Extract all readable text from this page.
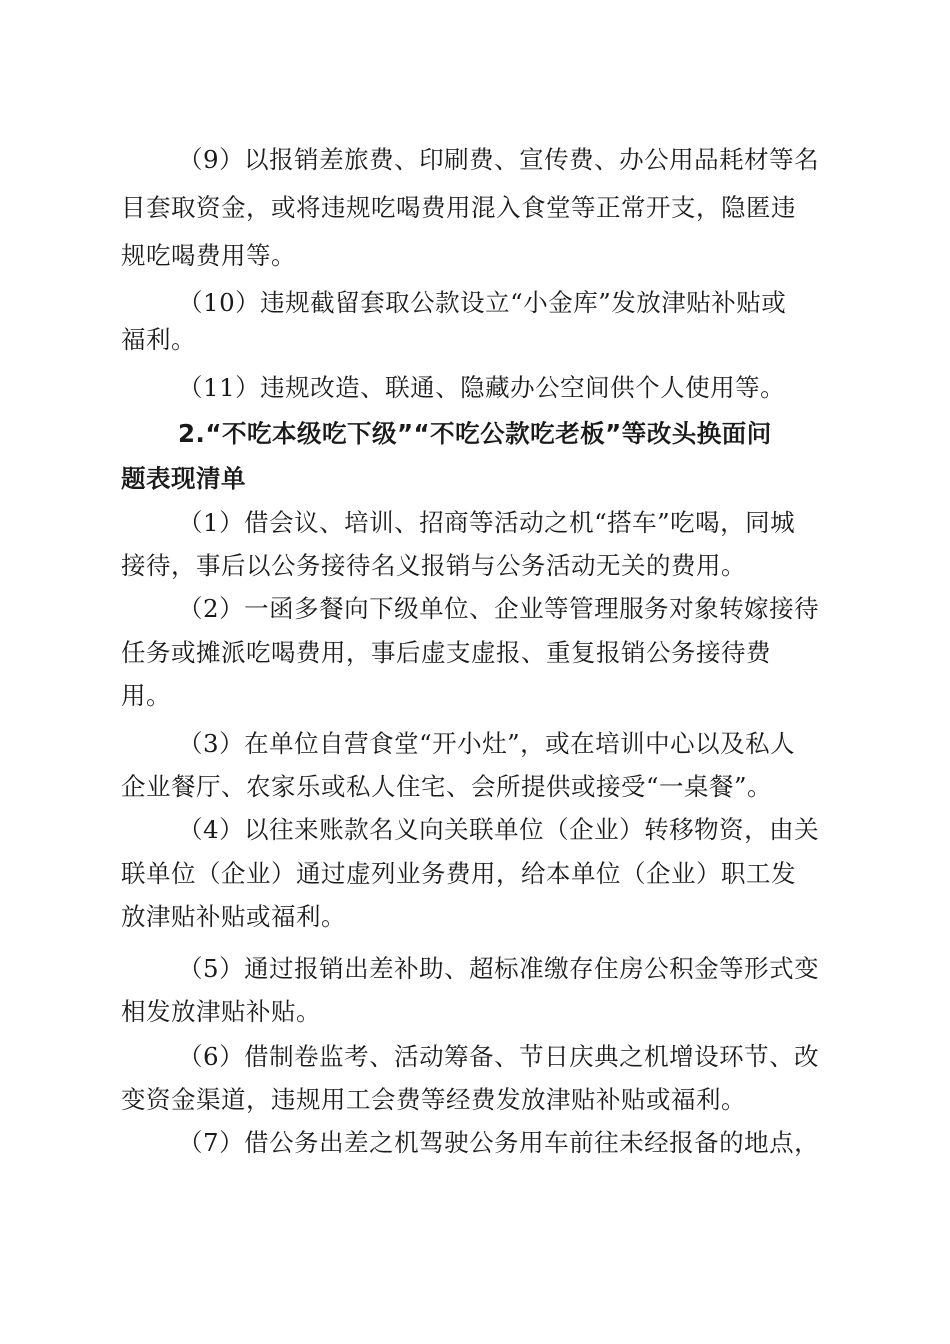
（9）以报销差旅费、印刷费、宣传费、办公用品耗材等名
目套取资金，或将违规吃喝费用混入食堂等正常开支，隐匿违
规吃喝费用等。
（10）违规截留套取公款设立“小金库”发放津贴补贴或
福利。
（11）违规改造、联通、隐藏办公空间供个人使用等。
2.“不吃本级吃下级”“不吃公款吃老板”等改头换面问
题表现清单
（1）借会议、培训、招商等活动之机“搭车”吃喝，同城
接待，事后以公务接待名义报销与公务活动无关的费用。
（2）一函多餐向下级单位、企业等管理服务对象转嫁接待
任务或摊派吃喝费用，事后虚支虚报、重复报销公务接待费
用。
（3）在单位自营食堂“开小灶”，或在培训中心以及私人
企业餐厅、农家乐或私人住宅、会所提供或接受“一桌餐”。
（4）以往来账款名义向关联单位（企业）转移物资，由关
联单位（企业）通过虚列业务费用，给本单位（企业）职工发
放津贴补贴或福利。
（5）通过报销出差补助、超标准缴存住房公积金等形式变
相发放津贴补贴。
（6）借制卷监考、活动筹备、节日庆典之机增设环节、改
变资金渠道，违规用工会费等经费发放津贴补贴或福利。
（7）借公务出差之机驾驶公务用车前往未经报备的地点，
